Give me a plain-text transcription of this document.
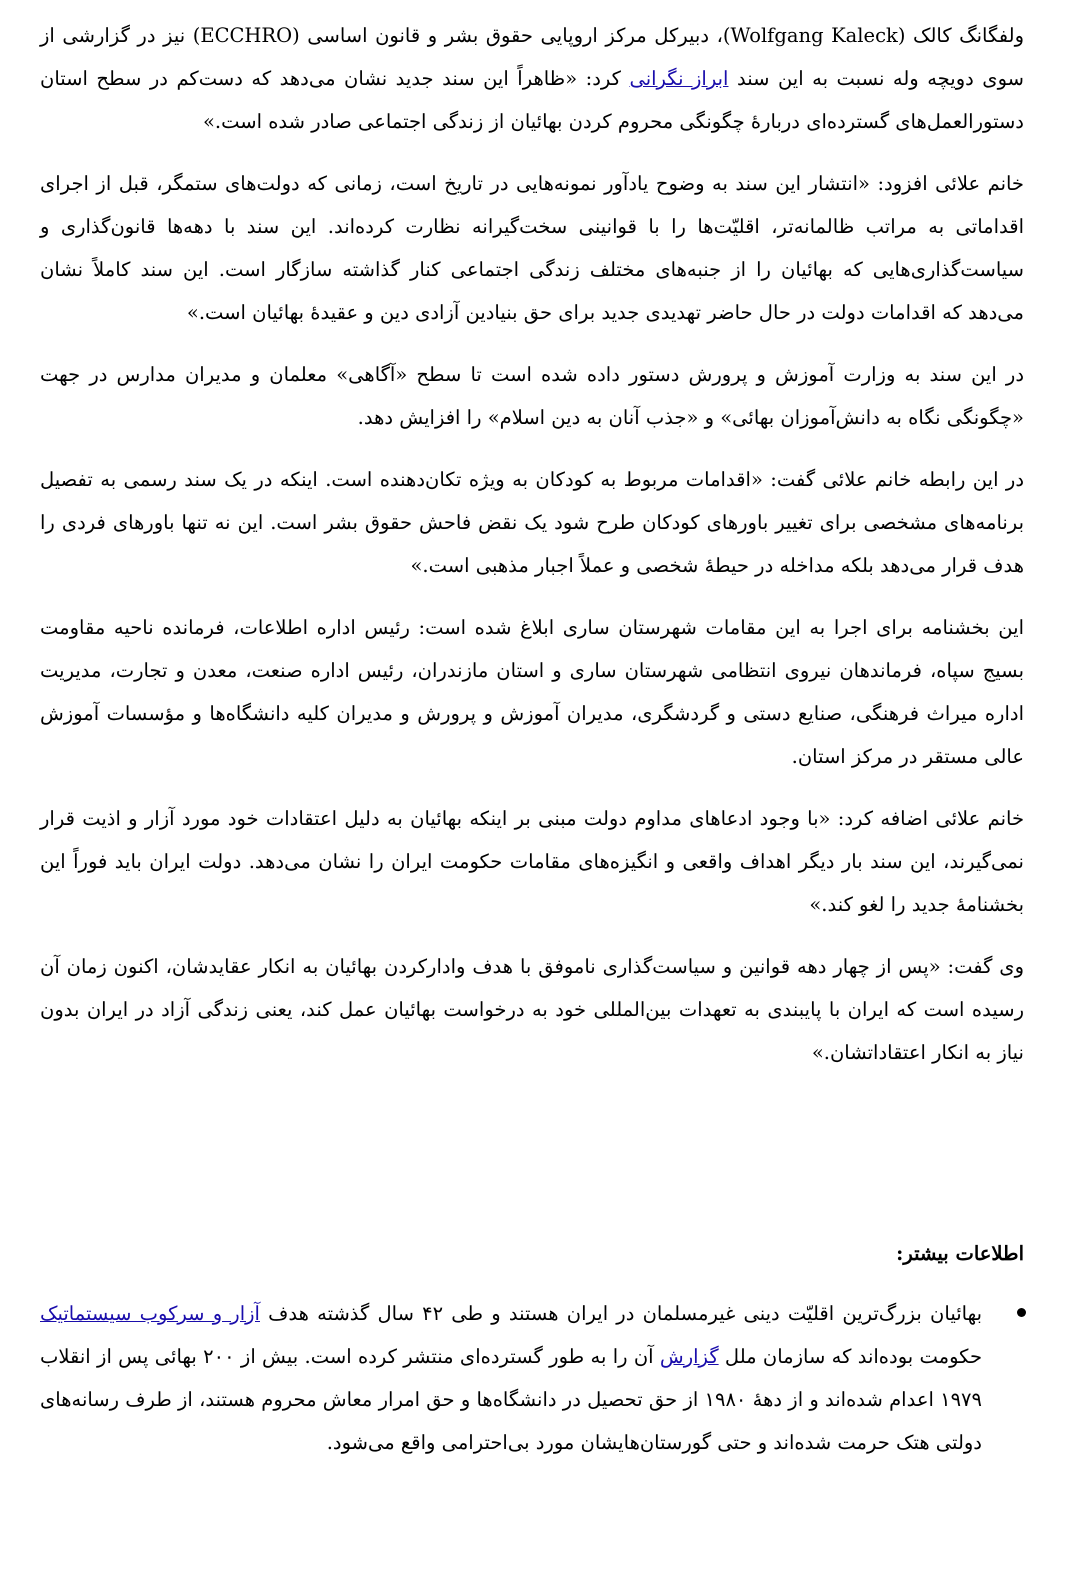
ولفگانگ کالک (Wolfgang Kaleck)، دبیرکل مرکز اروپایی حقوق بشر و قانون اساسی (ECCHRO) نیز در گزارشی از سوی دویچه وله نسبت به این سند ابراز نگرانی کرد: «ظاهراً این سند جدید نشان می‌دهد که دست‌کم در سطح استان دستورالعمل‌های گسترده‌ای دربارهٔ چگونگی محروم کردن بهائیان از زندگی اجتماعی صادر شده است.»

خانم علائی افزود: «انتشار این سند به وضوح یادآور نمونه‌هایی در تاریخ است، زمانی که دولت‌های ستمگر، قبل از اجرای اقداماتی به مراتب ظالمانه‌تر، اقلیّت‌ها را با قوانینی سخت‌گیرانه نظارت کرده‌اند. این سند با دهه‌ها قانون‌گذاری و سیاست‌گذاری‌هایی که بهائیان را از جنبه‌های مختلف زندگی اجتماعی کنار گذاشته سازگار است. این سند کاملاً نشان می‌دهد که اقدامات دولت در حال حاضر تهدیدی جدید برای حق بنیادین آزادی دین و عقیدهٔ بهائیان است.»

در این سند به وزارت آموزش و پرورش دستور داده شده است تا سطح «آگاهی» معلمان و مدیران مدارس در جهت «چگونگی نگاه به دانش‌آموزان بهائی» و «جذب آنان به دین اسلام» را افزایش دهد.

در این رابطه خانم علائی گفت: «اقدامات مربوط به کودکان به ویژه تکان‌دهنده است. اینکه در یک سند رسمی به تفصیل برنامه‌های مشخصی برای تغییر باورهای کودکان طرح شود یک نقض فاحش حقوق بشر است. این نه تنها باورهای فردی را هدف قرار می‌دهد بلکه مداخله در حیطهٔ شخصی و عملاً اجبار مذهبی است.»

این بخشنامه برای اجرا به این مقامات شهرستان ساری ابلاغ شده است: رئیس اداره اطلاعات، فرمانده ناحیه مقاومت بسیج سپاه، فرماندهان نیروی انتظامی شهرستان ساری و استان مازندران، رئیس اداره صنعت، معدن و تجارت، مدیریت اداره میراث فرهنگی، صنایع دستی و گردشگری، مدیران آموزش و پرورش و مدیران کلیه دانشگاه‌ها و مؤسسات آموزش عالی مستقر در مرکز استان.

خانم علائی اضافه کرد: «با وجود ادعاهای مداوم دولت مبنی بر اینکه بهائیان به دلیل اعتقادات خود مورد آزار و اذیت قرار نمی‌گیرند، این سند بار دیگر اهداف واقعی و انگیزه‌های مقامات حکومت ایران را نشان می‌دهد. دولت ایران باید فوراً این بخشنامهٔ جدید را لغو کند.»

وی گفت: «پس از چهار دهه قوانین و سیاست‌گذاری ناموفق با هدف وادارکردن بهائیان به انکار عقایدشان، اکنون زمان آن رسیده است که ایران با پایبندی به تعهدات بین‌المللی خود به درخواست بهائیان عمل کند، یعنی زندگی آزاد در ایران بدون نیاز به انکار اعتقاداتشان.»

اطلاعات بیشتر:
بهائیان بزرگ‌ترین اقلیّت دینی غیرمسلمان در ایران هستند و طی ۴۲ سال گذشته هدف آزار و سرکوب سیستماتیک حکومت بوده‌اند که سازمان ملل گزارش آن را به طور گسترده‌ای منتشر کرده است. بیش از ۲۰۰ بهائی پس از انقلاب ۱۹۷۹ اعدام شده‌اند و از دهۀ ۱۹۸۰ از حق تحصیل در دانشگاه‌ها و حق امرار معاش محروم هستند، از طرف رسانه‌های دولتی هتک حرمت شده‌اند و حتی گورستان‌هایشان مورد بی‌احترامی واقع می‌شود.
